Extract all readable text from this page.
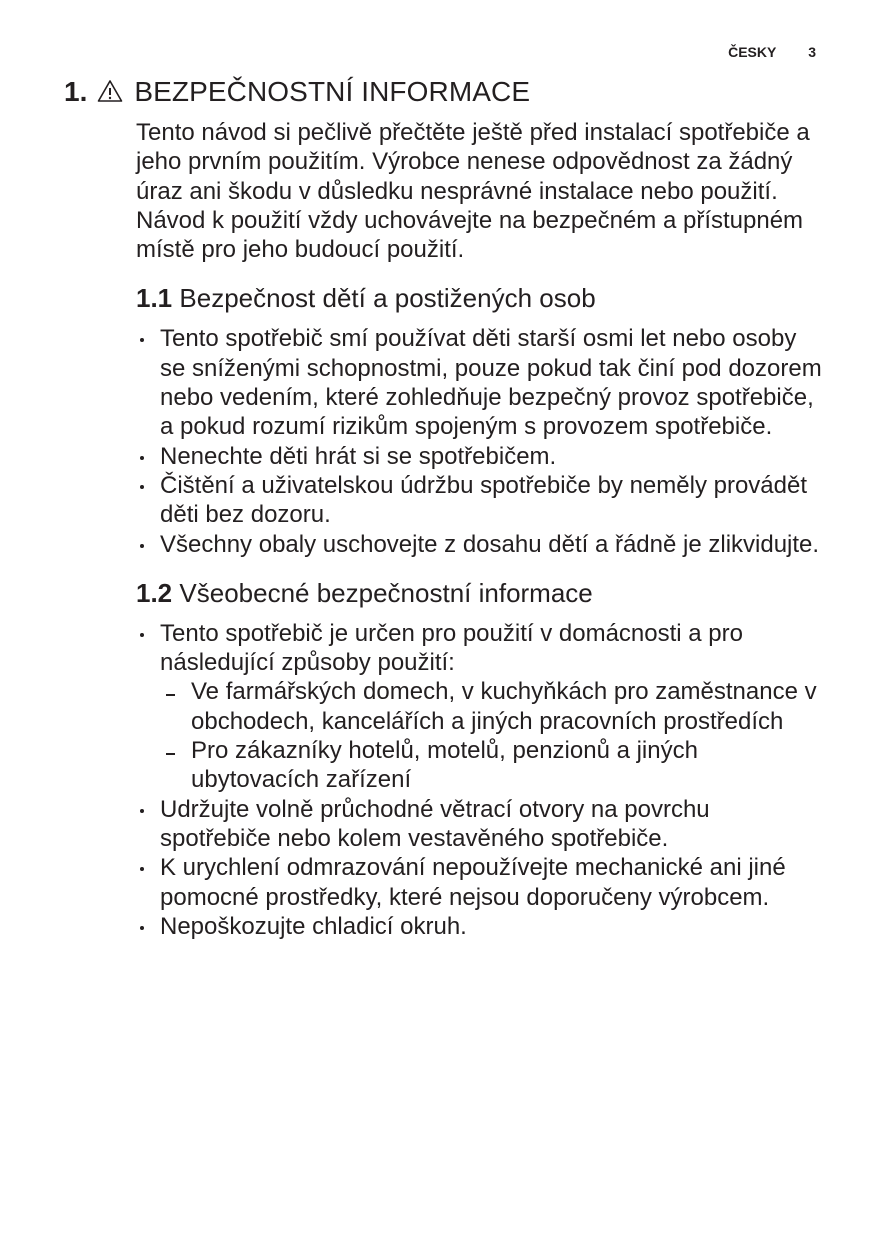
ČESKY 3
1. BEZPEČNOSTNÍ INFORMACE

Tento návod si pečlivě přečtěte ještě před instalací spotřebiče a jeho prvním použitím. Výrobce nenese odpovědnost za žádný úraz ani škodu v důsledku nesprávné instalace nebo použití. Návod k použití vždy uchovávejte na bezpečném a přístupném místě pro jeho budoucí použití.

1.1 Bezpečnost dětí a postižených osob
Tento spotřebič smí používat děti starší osmi let nebo osoby se sníženými schopnostmi, pouze pokud tak činí pod dozorem nebo vedením, které zohledňuje bezpečný provoz spotřebiče, a pokud rozumí rizikům spojeným s provozem spotřebiče.
Nenechte děti hrát si se spotřebičem.
Čištění a uživatelskou údržbu spotřebiče by neměly provádět děti bez dozoru.
Všechny obaly uschovejte z dosahu dětí a řádně je zlikvidujte.
1.2 Všeobecné bezpečnostní informace
Tento spotřebič je určen pro použití v domácnosti a pro následující způsoby použití:
Ve farmářských domech, v kuchyňkách pro zaměstnance v obchodech, kancelářích a jiných pracovních prostředích
Pro zákazníky hotelů, motelů, penzionů a jiných ubytovacích zařízení
Udržujte volně průchodné větrací otvory na povrchu spotřebiče nebo kolem vestavěného spotřebiče.
K urychlení odmrazování nepoužívejte mechanické ani jiné pomocné prostředky, které nejsou doporučeny výrobcem.
Nepoškozujte chladicí okruh.
